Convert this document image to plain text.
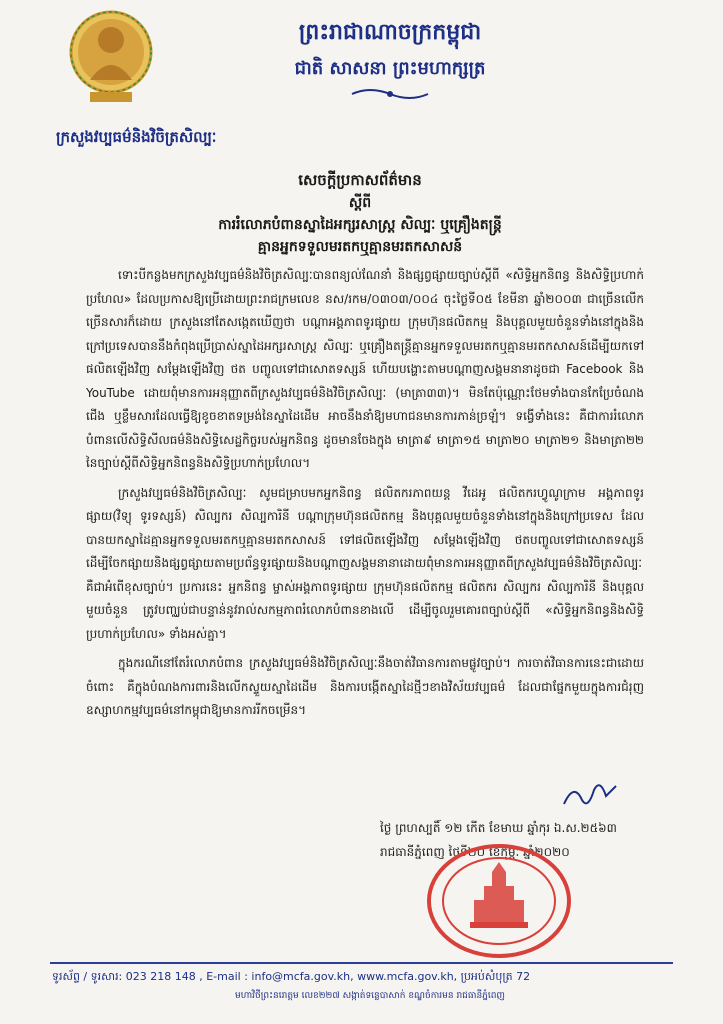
ព្រះរាជាណាចក្រកម្ពុជា
ជាតិ សាសនា ព្រះមហាក្សត្រ
ក្រសួងវប្បធម៌និងវិចិត្រសិល្បៈ
សេចក្ដីប្រកាសព័ត៌មាន
ស្ដីពី
ការរំលោភបំពានស្នាដៃអក្សរសាស្ត្រ សិល្បៈ ឬគ្រឿងតន្ត្រី
គ្មានអ្នកទទួលមរតកឬគ្មានមរតកសាសន៍

ទោះបីកន្លងមកក្រសួងវប្បធម៌និងវិចិត្រសិល្បៈបានពន្យល់ណែនាំ និងផ្សព្វផ្សាយច្បាប់ស្ដីពី «សិទ្ធិអ្នកនិពន្ធ និងសិទ្ធិប្រហាក់ប្រហែល» ដែលប្រកាសឱ្យប្រើដោយព្រះរាជក្រមលេខ នស/រកម/០៣០៣/០០៤ ចុះថ្ងៃទី០៥ ខែមីនា ឆ្នាំ២០០៣ ជាច្រើនលើកច្រើនសារក៏ដោយ ក្រសួងនៅតែសង្កេតឃើញថា បណ្ដាអង្គភាពទូរផ្សាយ ក្រុមហ៊ុនផលិតកម្ម និងបុគ្គលមួយចំនួនទាំងនៅក្នុងនិងក្រៅប្រទេសបាននឹងកំពុងប្រើប្រាស់ស្នាដៃអក្សរសាស្ត្រ សិល្បៈ ឬគ្រឿងតន្ត្រីគ្មានអ្នកទទួលមរតកឬគ្មានមរតកសាសន៍ដើម្បីយកទៅផលិតឡើងវិញ សម្ដែងឡើងវិញ ថត បញ្ចូលទៅជាសោតទស្សន៍ ហើយបង្ហោះតាមបណ្ដាញសង្គមនានាដូចជា Facebook និង YouTube ដោយពុំមានការអនុញ្ញាតពីក្រសួងវប្បធម៌និងវិចិត្រសិល្បៈ (មាត្រា៣៣)។ មិនតែប៉ុណ្ណោះថែមទាំងបានកែប្រែចំណងជើង ឬខ្លឹមសារដែលធ្វើឱ្យខូចខាតទម្រង់នៃស្នាដៃដើម អាចនឹងនាំឱ្យមហាជនមានការភាន់ច្រឡំ។ ទង្វើទាំងនេះ គឺជាការរំលោភបំពានលើសិទ្ធិសីលធម៌និងសិទ្ធិសេដ្ឋកិច្ចរបស់អ្នកនិពន្ធ ដូចមានចែងក្នុង មាត្រា៩ មាត្រា១៥ មាត្រា២០ មាត្រា២១ និងមាត្រា២២ នៃច្បាប់ស្ដីពីសិទ្ធិអ្នកនិពន្ធនិងសិទ្ធិប្រហាក់ប្រហែល។

ក្រសួងវប្បធម៌និងវិចិត្រសិល្បៈ សូមជម្រាបមកអ្នកនិពន្ធ ផលិតករភាពយន្ត វីដេអូ ផលិតករហ្វូណូក្រាម អង្គភាពទូរផ្សាយ(វិទ្យុ ទូរទស្សន៍) សិល្បករ សិល្បការិនី បណ្ដាក្រុមហ៊ុនផលិតកម្ម និងបុគ្គលមួយចំនួនទាំងនៅក្នុងនិងក្រៅប្រទេស ដែលបានយកស្នាដៃគ្មានអ្នកទទួលមរតកឬគ្មានមរតកសាសន៍ ទៅផលិតឡើងវិញ សម្ដែងឡើងវិញ ថតបញ្ចូលទៅជាសោតទស្សន៍ ដើម្បីចែកផ្សាយនិងផ្សព្វផ្សាយតាមប្រព័ន្ធទូរផ្សាយនិងបណ្ដាញសង្គមនានាដោយពុំមានការអនុញ្ញាតពីក្រសួងវប្បធម៌និងវិចិត្រសិល្បៈ គឺជាអំពើខុសច្បាប់។ ប្រការនេះ អ្នកនិពន្ធ ម្ចាស់អង្គភាពទូរផ្សាយ ក្រុមហ៊ុនផលិតកម្ម ផលិតករ សិល្បករ សិល្បការិនី និងបុគ្គលមួយចំនួន ត្រូវបញ្ឈប់ជាបន្ទាន់នូវរាល់សកម្មភាពរំលោភបំពានខាងលើ ដើម្បីចូលរួមគោរពច្បាប់ស្ដីពី «សិទ្ធិអ្នកនិពន្ធនិងសិទ្ធិប្រហាក់ប្រហែល» ទាំងអស់គ្នា។

ក្នុងករណីនៅតែរំលោភបំពាន ក្រសួងវប្បធម៌និងវិចិត្រសិល្បៈនឹងចាត់វិធានការតាមផ្លូវច្បាប់។ ការចាត់វិធានការនេះជាដោយចំពោះ គឺក្នុងបំណងការពារនិងលើកស្ទួយស្នាដៃដើម និងការបង្កើតស្នាដៃថ្មីៗខាងវិស័យវប្បធម៌ ដែលជាផ្នែកមួយក្នុងការជំរុញឧស្សាហកម្មវប្បធម៌នៅកម្ពុជាឱ្យមានការរីកចម្រើន។

ថ្ងៃ ព្រហស្បតិ៍ ១២ កើត ខែមាឃ ឆ្នាំកុរ ឯ.ស.២៥៦៣
រាជធានីភ្នំពេញ ថ្ងៃទី២០ ខែកុម្ភៈ ឆ្នាំ២០២០
ទូរស័ព្ទ / ទូរសារ: 023 218 148 , E-mail : info@mcfa.gov.kh, www.mcfa.gov.kh, ប្រអប់សំបុត្រ 72
មហាវិថីព្រះនរោត្តម លេខ២២៧ សង្កាត់ទន្លេបាសាក់ ខណ្ឌចំការមន រាជធានីភ្នំពេញ
